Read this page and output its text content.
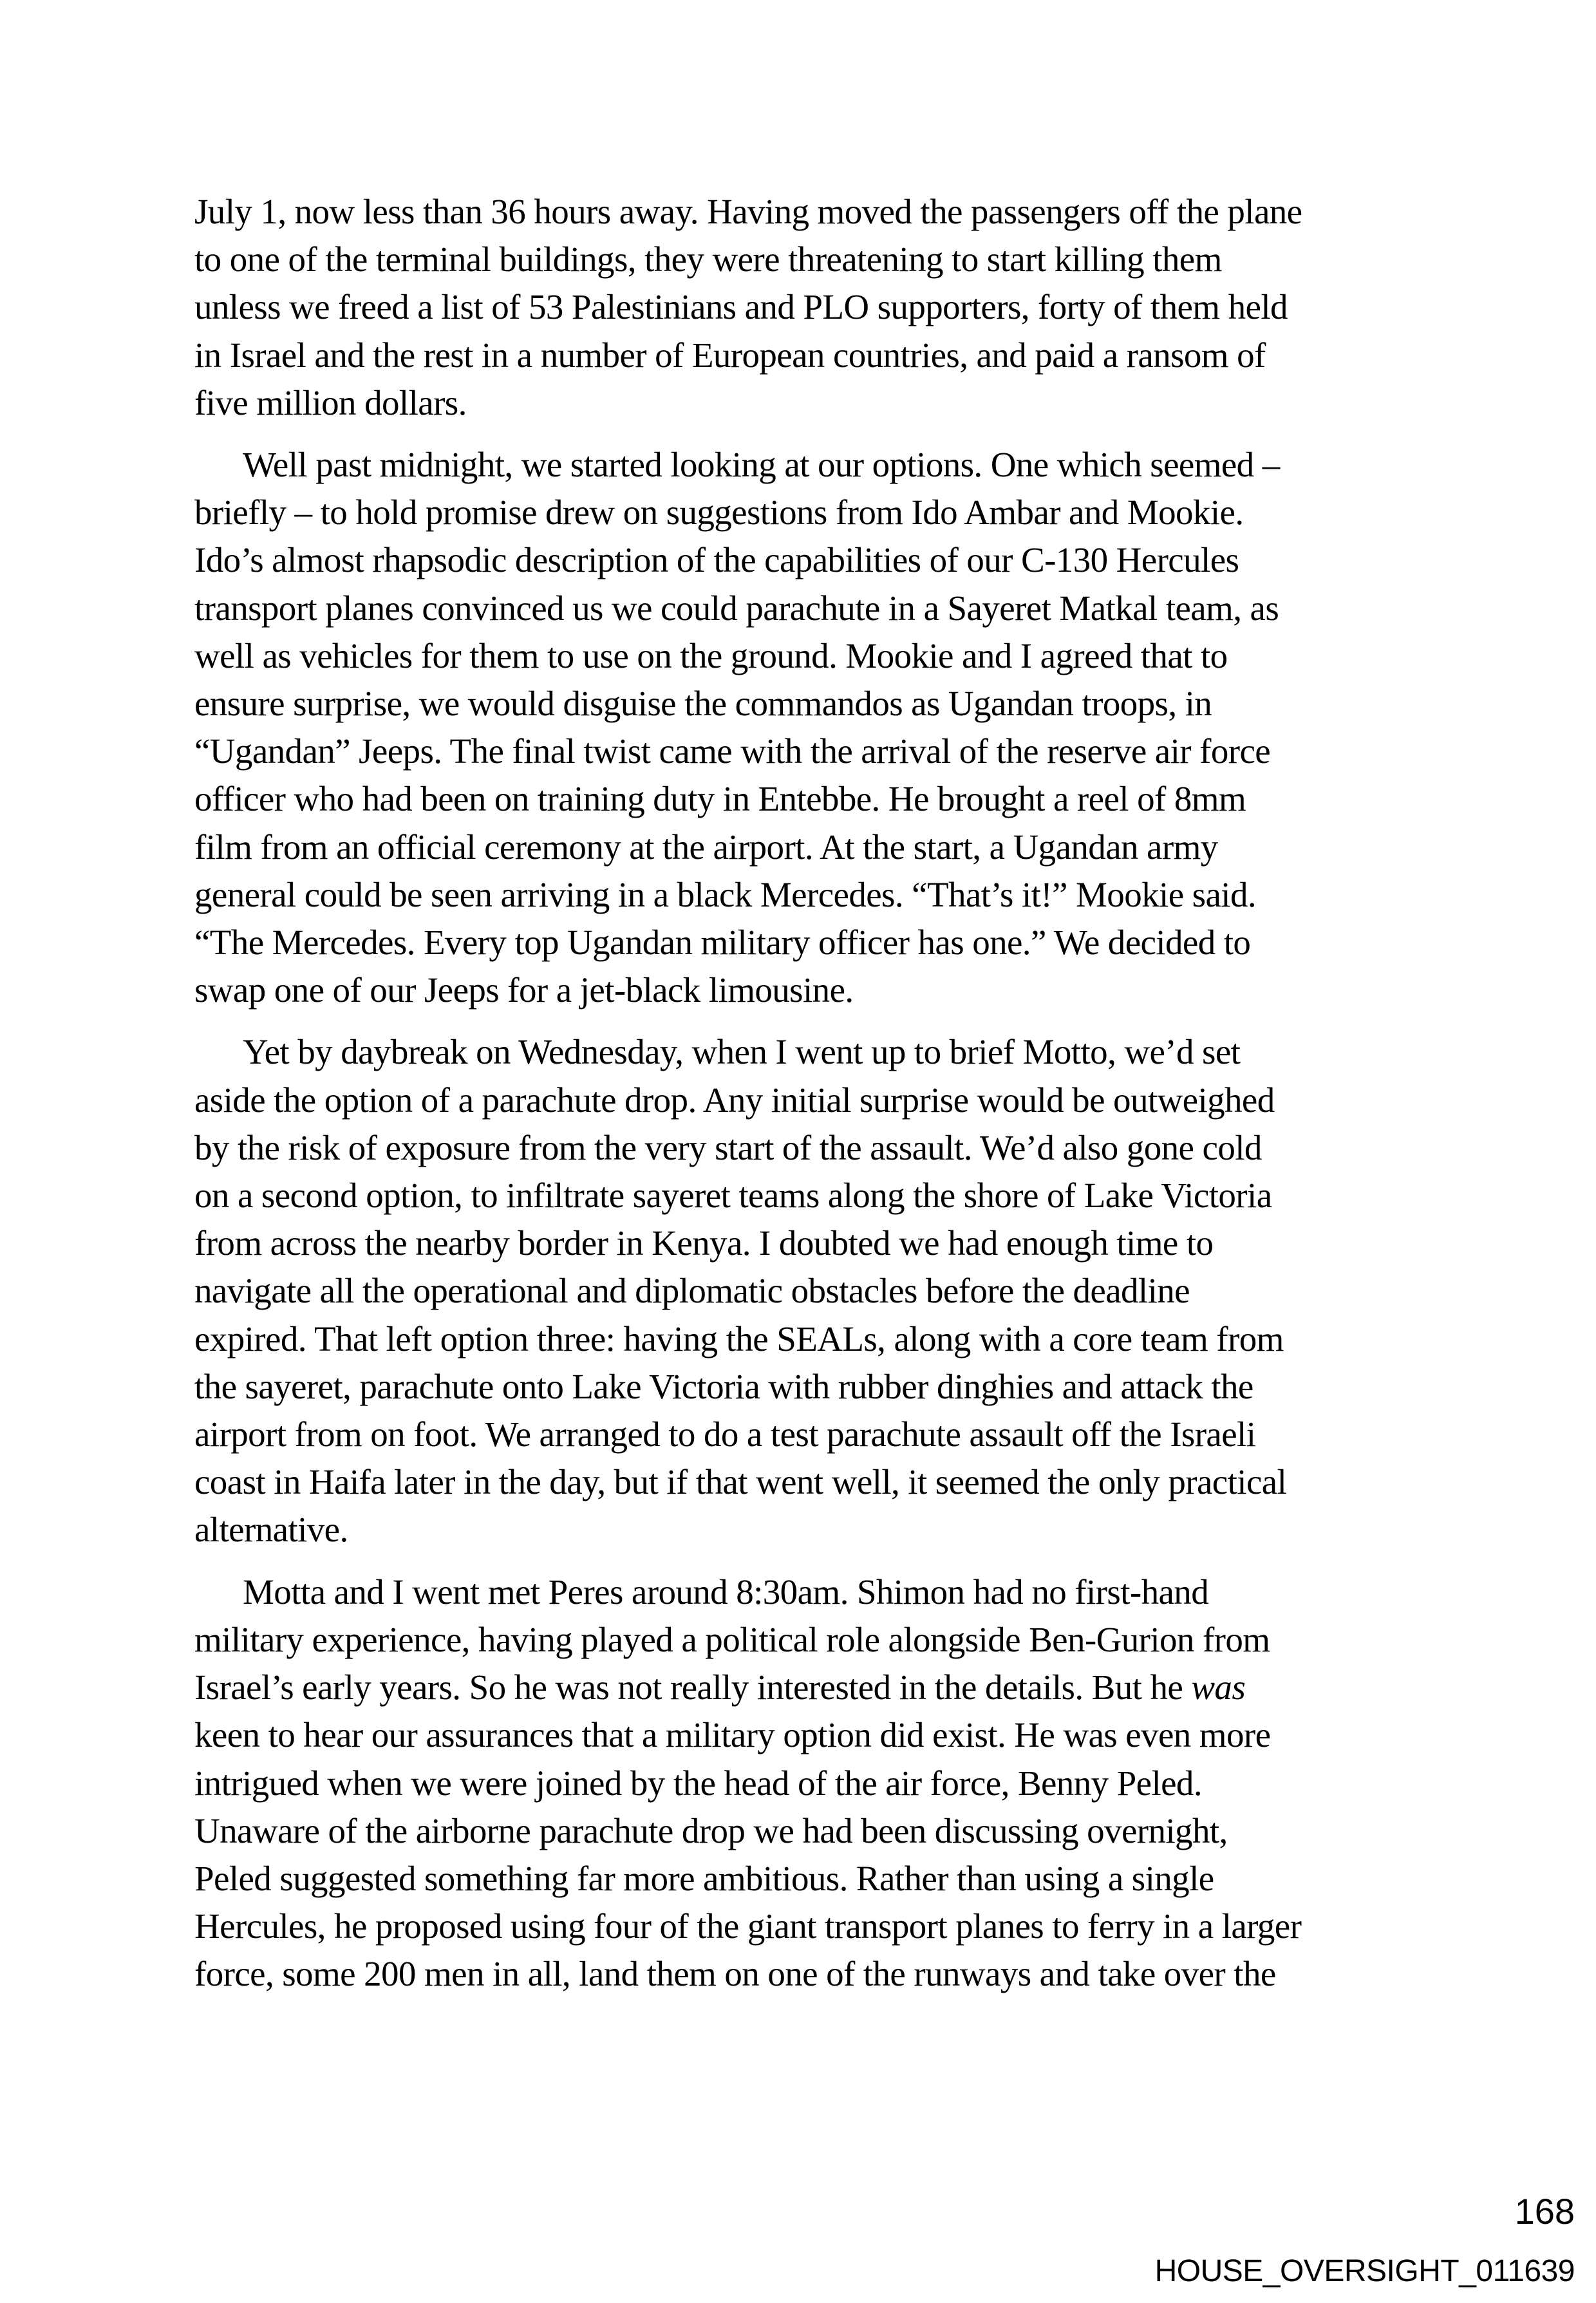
July 1, now less than 36 hours away. Having moved the passengers off the plane
to one of the terminal buildings, they were threatening to start killing them
unless we freed a list of 53 Palestinians and PLO supporters, forty of them held
in Israel and the rest in a number of European countries, and paid a ransom of
five million dollars.

Well past midnight, we started looking at our options. One which seemed –
briefly – to hold promise drew on suggestions from Ido Ambar and Mookie.
Ido’s almost rhapsodic description of the capabilities of our C-130 Hercules
transport planes convinced us we could parachute in a Sayeret Matkal team, as
well as vehicles for them to use on the ground. Mookie and I agreed that to
ensure surprise, we would disguise the commandos as Ugandan troops, in
“Ugandan” Jeeps. The final twist came with the arrival of the reserve air force
officer who had been on training duty in Entebbe. He brought a reel of 8mm
film from an official ceremony at the airport. At the start, a Ugandan army
general could be seen arriving in a black Mercedes. “That’s it!” Mookie said.
“The Mercedes. Every top Ugandan military officer has one.” We decided to
swap one of our Jeeps for a jet-black limousine.

Yet by daybreak on Wednesday, when I went up to brief Motto, we’d set
aside the option of a parachute drop. Any initial surprise would be outweighed
by the risk of exposure from the very start of the assault. We’d also gone cold
on a second option, to infiltrate sayeret teams along the shore of Lake Victoria
from across the nearby border in Kenya. I doubted we had enough time to
navigate all the operational and diplomatic obstacles before the deadline
expired. That left option three: having the SEALs, along with a core team from
the sayeret, parachute onto Lake Victoria with rubber dinghies and attack the
airport from on foot. We arranged to do a test parachute assault off the Israeli
coast in Haifa later in the day, but if that went well, it seemed the only practical
alternative.

Motta and I went met Peres around 8:30am. Shimon had no first-hand
military experience, having played a political role alongside Ben-Gurion from
Israel’s early years. So he was not really interested in the details. But he was
keen to hear our assurances that a military option did exist. He was even more
intrigued when we were joined by the head of the air force, Benny Peled.
Unaware of the airborne parachute drop we had been discussing overnight,
Peled suggested something far more ambitious. Rather than using a single
Hercules, he proposed using four of the giant transport planes to ferry in a larger
force, some 200 men in all, land them on one of the runways and take over the

168
HOUSE_OVERSIGHT_011639
